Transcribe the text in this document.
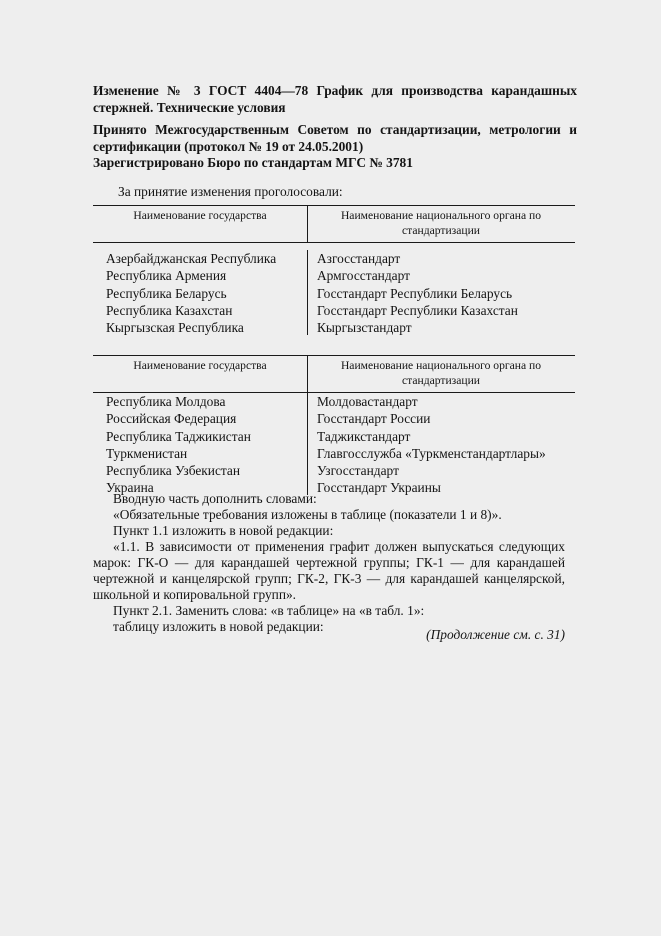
Изменение № 3 ГОСТ 4404—78 График для производства карандашных стержней. Технические условия
Принято Межгосударственным Советом по стандартизации, метрологии и сертификации (протокол № 19 от 24.05.2001)
Зарегистрировано Бюро по стандартам МГС № 3781
За принятие изменения проголосовали:
Наименование государства	Наименование национального органа по стандартизации
Азербайджанская Республика	Азгосстандарт
Республика Армения	Армгосстандарт
Республика Беларусь	Госстандарт Республики Беларусь
Республика Казахстан	Госстандарт Республики Казахстан
Кыргызская Республика	Кыргызстандарт
Наименование государства	Наименование национального органа по стандартизации
Республика Молдова	Молдовастандарт
Российская Федерация	Госстандарт России
Республика Таджикистан	Таджикстандарт
Туркменистан	Главгосслужба «Туркменстандартлары»
Республика Узбекистан	Узгосстандарт
Украина	Госстандарт Украины

Вводную часть дополнить словами:

«Обязательные требования изложены в таблице (показатели 1 и 8)».

Пункт 1.1 изложить в новой редакции:

«1.1. В зависимости от применения графит должен выпускаться следующих марок: ГК-О — для карандашей чертежной группы; ГК-1 — для карандашей чертежной и канцелярской групп; ГК-2, ГК-3 — для карандашей канцелярской, школьной и копировальной групп».

Пункт 2.1. Заменить слова: «в таблице» на «в табл. 1»:

таблицу изложить в новой редакции:

(Продолжение см. с. 31)
